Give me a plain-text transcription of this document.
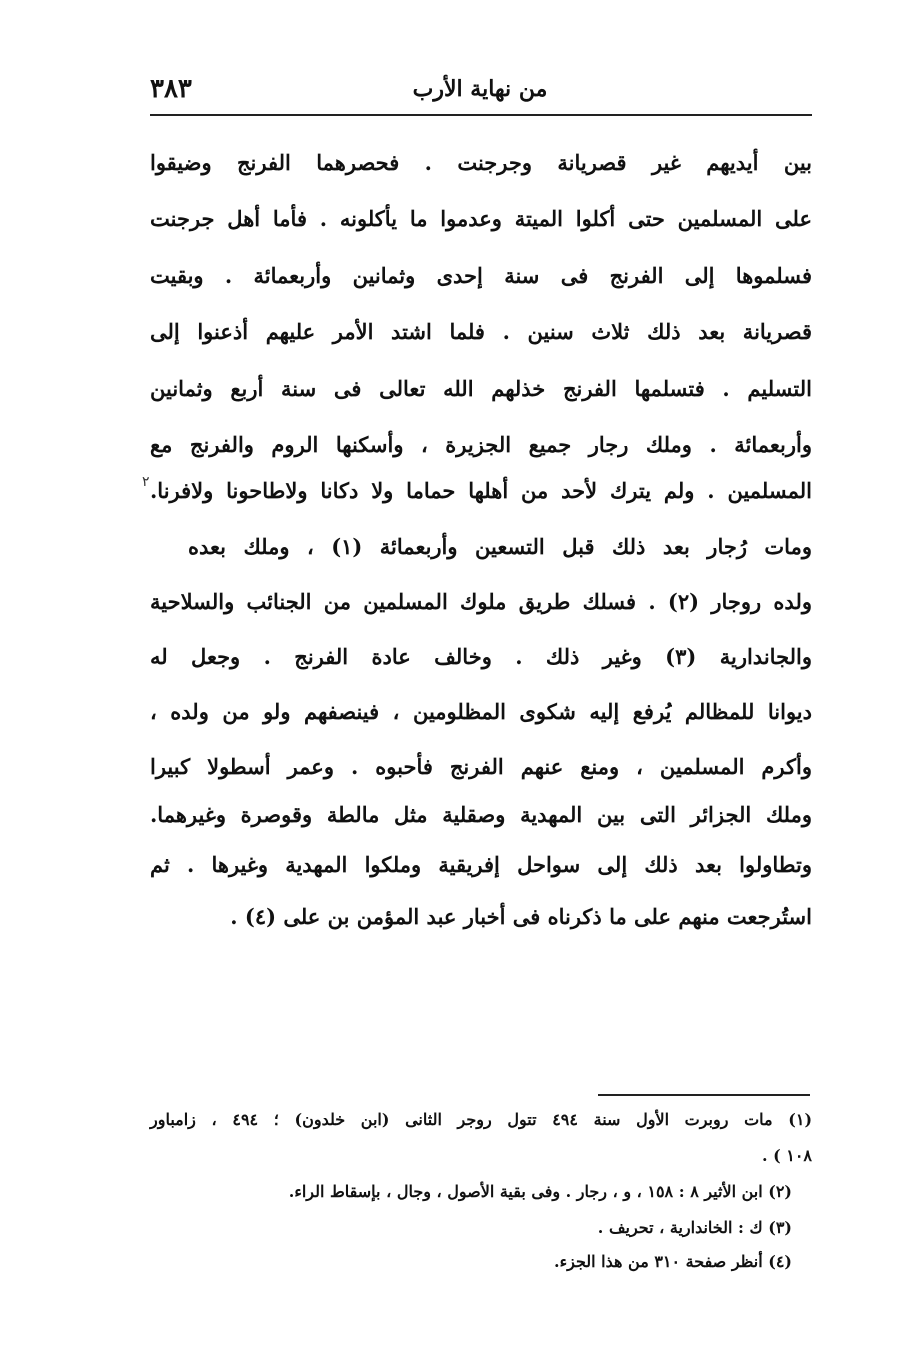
٣٨٣	من نهاية الأرب
بين أيديهم غير قصريانة وجرجنت . فحصرهما الفرنج وضيقوا
على المسلمين حتى أكلوا الميتة وعدموا ما يأكلونه . فأما أهل جرجنت
فسلموها إلى الفرنج فى سنة إحدى وثمانين وأربعمائة . وبقيت
قصريانة بعد ذلك ثلاث سنين . فلما اشتد الأمر عليهم أذعنوا إلى
التسليم . فتسلمها الفرنج خذلهم الله تعالى فى سنة أربع وثمانين
وأربعمائة . وملك رجار جميع الجزيرة ، وأسكنها الروم والفرنج مع
المسلمين . ولم يترك لأحد من أهلها حماما ولا دكانا ولاطاحونا ولافرنا.
ومات رُجار بعد ذلك قبل التسعين وأربعمائة (١) ، وملك بعده
ولده روجار (٢) . فسلك طريق ملوك المسلمين من الجنائب والسلاحية
والجاندارية (٣) وغير ذلك . وخالف عادة الفرنج . وجعل له
ديوانا للمظالم يُرفع إليه شكوى المظلومين ، فينصفهم ولو من ولده ،
وأكرم المسلمين ، ومنع عنهم الفرنج فأحبوه . وعمر أسطولا كبيرا
وملك الجزائر التى بين المهدية وصقلية مثل مالطة وقوصرة وغيرهما.
وتطاولوا بعد ذلك إلى سواحل إفريقية وملكوا المهدية وغيرها . ثم
استُرجعت منهم على ما ذكرناه فى أخبار عبد المؤمن بن على (٤) .
٢
(١) مات روبرت الأول سنة ٤٩٤ تتول روجر الثانى (ابن خلدون) ؛ ٤٩٤ ، زامباور
١٠٨ ) .
(٢) ابن الأثير ٨ : ١٥٨ ، و ، رجار . وفى بقية الأصول ، وجال ، بإسقاط الراء.
(٣) ك : الخاندارية ، تحريف .
(٤) أنظر صفحة ٣١٠ من هذا الجزء.
